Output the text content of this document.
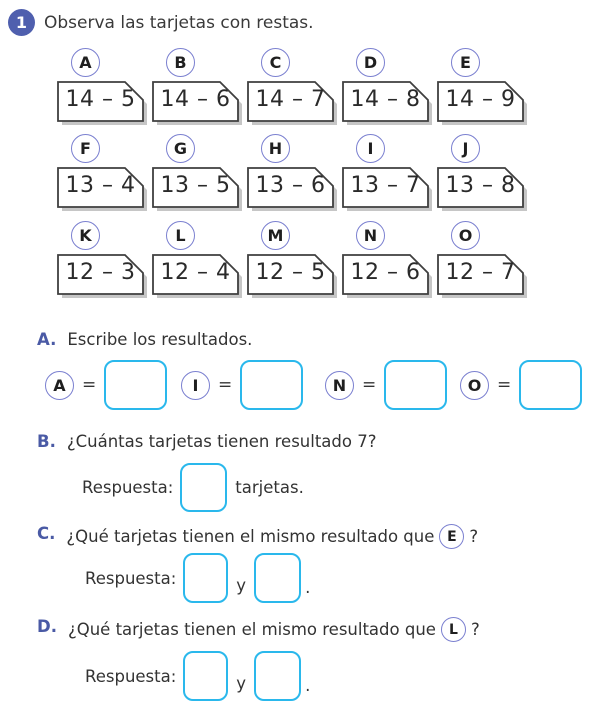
1 Observa las tarjetas con restas.
A
14 – 5
B
14 – 6
C
14 – 7
D
14 – 8
E
14 – 9
F
13 – 4
G
13 – 5
H
13 – 6
I
13 – 7
J
13 – 8
K
12 – 3
L
12 – 4
M
12 – 5
N
12 – 6
O
12 – 7
A. Escribe los resultados.
A =	I =	N =	O =
B. ¿Cuántas tarjetas tienen resultado 7?
Respuesta:	tarjetas.
C. ¿Qué tarjetas tienen el mismo resultado que E ?
Respuesta:	y	.
D. ¿Qué tarjetas tienen el mismo resultado que L ?
Respuesta:	y	.
